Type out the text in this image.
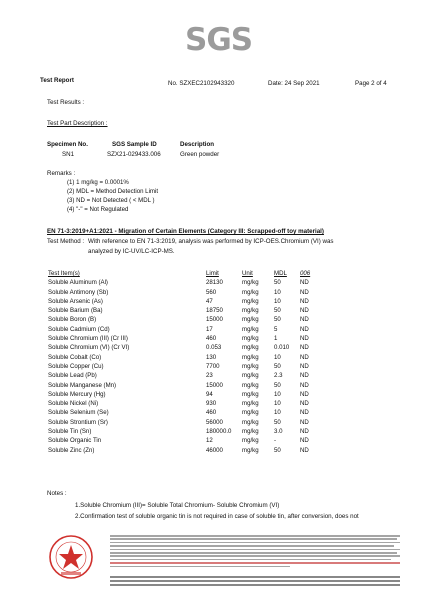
SGS
Test Report	No. SZXEC2102943320	Date: 24 Sep 2021	Page 2 of 4
Test Results :
Test Part Description :
Specimen No.	SGS Sample ID	Description
SN1	SZX21-029433.006	Green powder
Remarks :
(1) 1 mg/kg = 0.0001%
(2) MDL = Method Detection Limit
(3) ND = Not Detected ( < MDL )
(4) "-" = Not Regulated
EN 71-3:2019+A1:2021 - Migration of Certain Elements (Category III: Scrapped-off toy material)
Test Method : With reference to EN 71-3:2019, analysis was performed by ICP-OES.Chromium (VI) was
analyzed by IC-UV/LC-ICP-MS.
Test Item(s)	Limit	Unit	MDL	006
Soluble Aluminum (Al)	28130	mg/kg	50	ND
Soluble Antimony (Sb)	560	mg/kg	10	ND
Soluble Arsenic (As)	47	mg/kg	10	ND
Soluble Barium (Ba)	18750	mg/kg	50	ND
Soluble Boron (B)	15000	mg/kg	50	ND
Soluble Cadmium (Cd)	17	mg/kg	5	ND
Soluble Chromium (III) (Cr III)	460	mg/kg	1	ND
Soluble Chromium (VI) (Cr VI)	0.053	mg/kg	0.010	ND
Soluble Cobalt (Co)	130	mg/kg	10	ND
Soluble Copper (Cu)	7700	mg/kg	50	ND
Soluble Lead (Pb)	23	mg/kg	2.3	ND
Soluble Manganese (Mn)	15000	mg/kg	50	ND
Soluble Mercury (Hg)	94	mg/kg	10	ND
Soluble Nickel (Ni)	930	mg/kg	10	ND
Soluble Selenium (Se)	460	mg/kg	10	ND
Soluble Strontium (Sr)	56000	mg/kg	50	ND
Soluble Tin (Sn)	180000.0	mg/kg	3.0	ND
Soluble Organic Tin	12	mg/kg	-	ND
Soluble Zinc (Zn)	46000	mg/kg	50	ND
Notes :
1.Soluble Chromium (III)= Soluble Total Chromium- Soluble Chromium (VI)
2.Confirmation test of soluble organic tin is not required in case of soluble tin, after conversion, does not
